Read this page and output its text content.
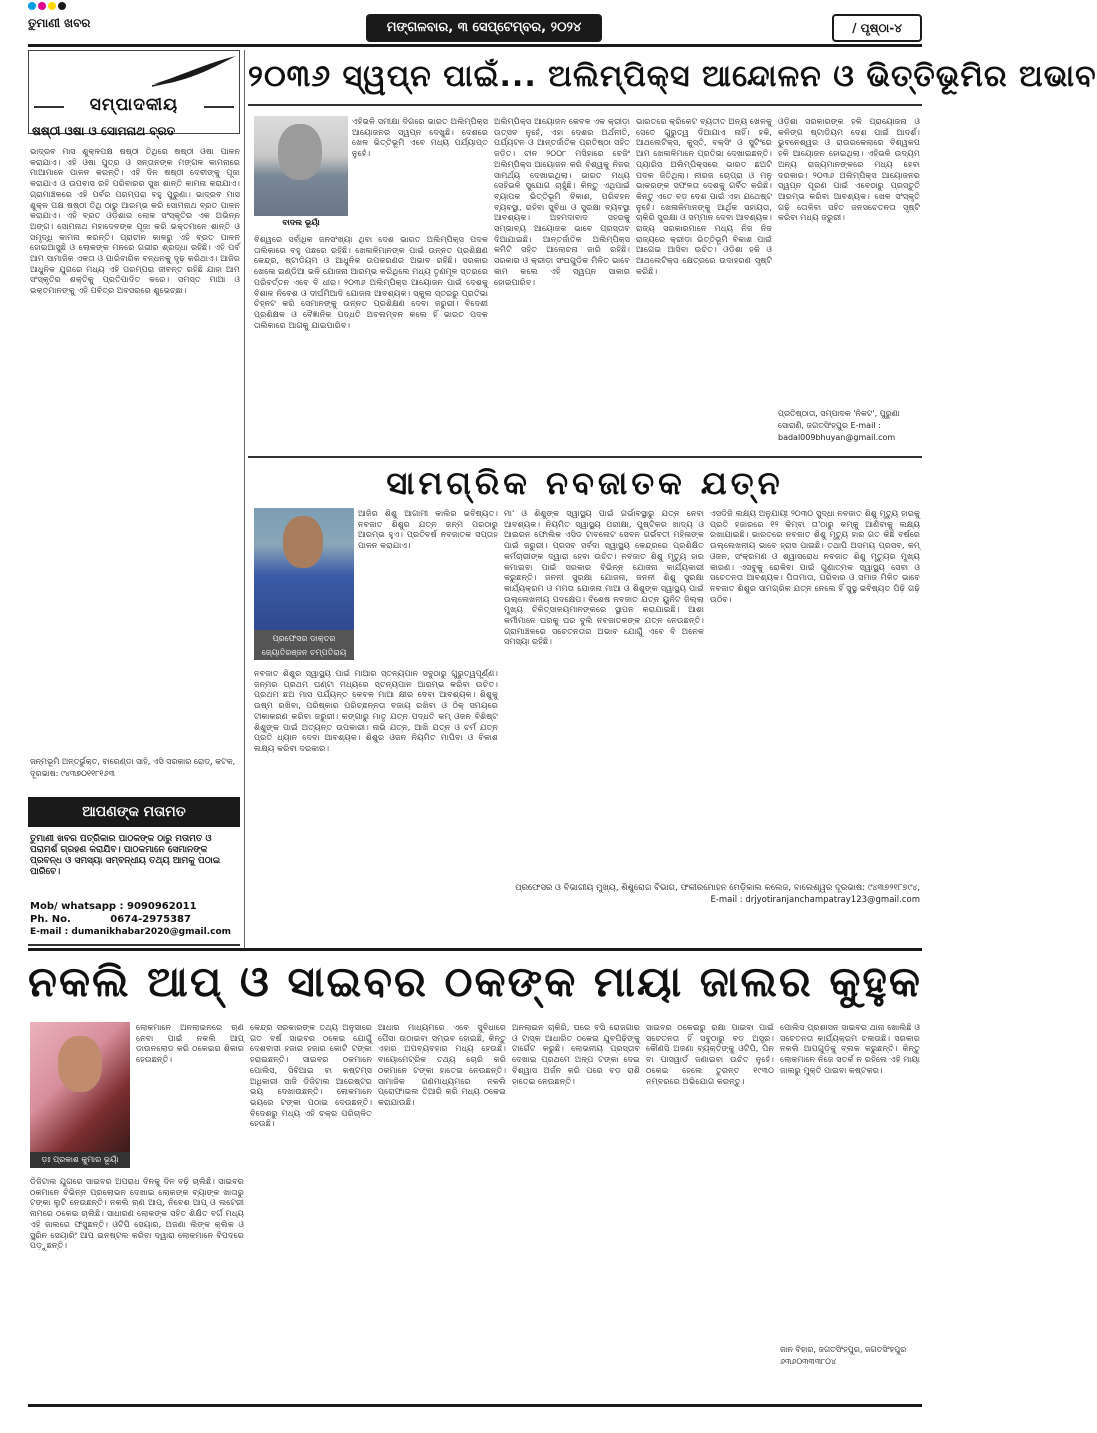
ତୁମାଣୀ ଖବର	ମଙ୍ଗଳବାର, ୩ ସେପ୍ଟେମ୍ବର, ୨୦୨୪	/ ପୃଷ୍ଠା-୪
ସମ୍ପାଦକୀୟ
ଷଷ୍ଠୀ ଓଷା ଓ ସୋମନାଥ ବ୍ରତ
ଭାଦ୍ରବ ମାସ ଶୁକ୍ଳପକ୍ଷ ଷଷ୍ଠୀ ତିଥିରେ ଷଷ୍ଠୀ ଓଷା ପାଳନ କରାଯାଏ। ଏହି ଓଷା ପୁତ୍ର ଓ ସନ୍ତାନଙ୍କ ମଙ୍ଗଳ କାମନାରେ ମାଆମାନେ ପାଳନ କରନ୍ତି। ଏହି ଦିନ ଷଷ୍ଠୀ ଦେବୀଙ୍କୁ ପୂଜା କରାଯାଏ ଓ ଉପବାସ ରହି ପରିବାରର ସୁଖ ଶାନ୍ତି କାମନା କରାଯାଏ। ଗ୍ରାମାଞ୍ଚଳରେ ଏହି ପର୍ବର ପରମ୍ପରା ବହୁ ପୁରୁଣା। ଭାଦ୍ରବ ମାସ ଶୁକ୍ଳ ପକ୍ଷ ଷଷ୍ଠୀ ତିଥି ଠାରୁ ଆରମ୍ଭ କରି ସୋମନାଥ ବ୍ରତ ପାଳନ କରାଯାଏ। ଏହି ବ୍ରତ ଓଡ଼ିଶାର ଲୋକ ସଂସ୍କୃତିର ଏକ ଅଭିନ୍ନ ଅଙ୍ଗ। ସୋମନାଥ ମହାଦେବଙ୍କ ପୂଜା କରି ଭକ୍ତମାନେ ଶାନ୍ତି ଓ ସମୃଦ୍ଧି କାମନା କରନ୍ତି। ପ୍ରାଚୀନ କାଳରୁ ଏହି ବ୍ରତ ପାଳନ ହୋଇଆସୁଛି ଓ ଲୋକଙ୍କ ମନରେ ଗଭୀର ଶ୍ରଦ୍ଧା ରହିଛି। ଏହି ପର୍ବ ଆମ ସାମାଜିକ ଏକତା ଓ ପାରିବାରିକ ବନ୍ଧନକୁ ଦୃଢ଼ କରିଥାଏ। ଆଜିର ଆଧୁନିକ ଯୁଗରେ ମଧ୍ୟ ଏହି ପରମ୍ପରା ଜୀବନ୍ତ ରହିଛି ଯାହା ଆମ ସଂସ୍କୃତିର ଶକ୍ତିକୁ ପ୍ରତିପାଦିତ କରେ। ସମସ୍ତ ମାଆ ଓ ଭକ୍ତମାନଙ୍କୁ ଏହି ପବିତ୍ର ଅବସରରେ ଶୁଭେଚ୍ଛା।
ଜନ୍ମଭୂମି ଅନ୍ତର୍ଭୁକ୍ତ, ବାରେଣ୍ଡା ସାହି, ଏସି ସରକାର ରୋଡ୍, କଟକ, ଦୂରଭାଷ: ୯୪୩୭୦୧୧୮୧୬୩
ଆପଣଙ୍କ ମତାମତ
ତୁମାଣୀ ଖବର ପତ୍ରିକାର ପାଠକଙ୍କ ଠାରୁ ମତାମତ ଓ ପରାମର୍ଶ ଗ୍ରହଣ କରାଯିବ। ପାଠକମାନେ ସେମାନଙ୍କ ପ୍ରବନ୍ଧ ଓ ସମସ୍ୟା ସମ୍ବନ୍ଧୀୟ ତଥ୍ୟ ଆମକୁ ପଠାଇ ପାରିବେ।
Mob/ whatsapp : 9090962011
Ph. No.	0674-2975387
E-mail : dumanikhabar2020@gmail.com
୨୦୩୬ ସ୍ୱପ୍ନ ପାଇଁ... ଅଲିମ୍ପିକ୍ସ ଆନ୍ଦୋଳନ ଓ ଭିତ୍ତିଭୂମିର ଅଭାବ
ବାଦଲ ଭୂୟାଁ
ଏହିଭଳି ସମୀକ୍ଷା ଦିଗରେ ଭାରତ ଅଲିମ୍ପିକ୍ସ ଆୟୋଜନର ସ୍ୱପ୍ନ ଦେଖୁଛି। ଦେଶରେ ଖେଳ ଭିତ୍ତିଭୂମି ଏବେ ମଧ୍ୟ ପର୍ଯ୍ୟାପ୍ତ ନୁହେଁ।
ବିଶ୍ୱରେ ସର୍ବାଧିକ ଜନସଂଖ୍ୟା ଥିବା ଦେଶ ଭାରତ ଅଲିମ୍ପିକ୍ସ ପଦକ ତାଲିକାରେ ବହୁ ପଛରେ ରହିଛି। ଖେଳାଳିମାନଙ୍କ ପାଇଁ ଉନ୍ନତ ପ୍ରଶିକ୍ଷଣ କେନ୍ଦ୍ର, ଷ୍ଟାଡିୟମ ଓ ଆଧୁନିକ ଉପକରଣର ଅଭାବ ରହିଛି। ସରକାର ଖେଳୋ ଇଣ୍ଡିଆ ଭଳି ଯୋଜନା ଆରମ୍ଭ କରିଥିଲେ ମଧ୍ୟ ତୃଣମୂଳ ସ୍ତରରେ ପରିବର୍ତ୍ତନ ଏବେ ବି ଧୀର। ୨୦୩୬ ଅଲିମ୍ପିକ୍ସ ଆୟୋଜନ ପାଇଁ ଦେଶକୁ ବିଶାଳ ନିବେଶ ଓ ଦୀର୍ଘମିଆଦି ଯୋଜନା ଆବଶ୍ୟକ। ସ୍କୁଲ ସ୍ତରରୁ ପ୍ରତିଭା ଚିହ୍ନଟ କରି ସେମାନଙ୍କୁ ଉନ୍ନତ ପ୍ରଶିକ୍ଷଣ ଦେବା ଜରୁରୀ। ବିଦେଶୀ ପ୍ରଶିକ୍ଷକ ଓ ବୈଜ୍ଞାନିକ ପଦ୍ଧତି ଅବଲମ୍ବନ କଲେ ହିଁ ଭାରତ ପଦକ ତାଲିକାରେ ଆଗକୁ ଯାଇପାରିବ।
ଅଲିମ୍ପିକ୍ସ ଆୟୋଜନ କେବଳ ଏକ କ୍ରୀଡ଼ା ଉତ୍ସବ ନୁହେଁ, ଏହା ଦେଶର ଅର୍ଥନୀତି, ପର୍ଯ୍ୟଟନ ଓ ଆନ୍ତର୍ଜାତିକ ପ୍ରତିଷ୍ଠା ସହିତ ଜଡ଼ିତ। ଚୀନ ୨୦୦୮ ମସିହାରେ ବେଜିଂ ଅଲିମ୍ପିକ୍ସ ଆୟୋଜନ କରି ବିଶ୍ୱକୁ ନିଜର ସାମର୍ଥ୍ୟ ଦେଖାଇଥିଲା। ଭାରତ ମଧ୍ୟ ସେହିଭଳି ସୁଯୋଗ ଚାହୁଁଛି। କିନ୍ତୁ ଏଥିପାଇଁ ବ୍ୟାପକ ଭିତ୍ତିଭୂମି ବିକାଶ, ପରିବହନ ବ୍ୟବସ୍ଥା, ରହିବା ସୁବିଧା ଓ ସୁରକ୍ଷା ବ୍ୟବସ୍ଥା ଆବଶ୍ୟକ। ଅହମଦାବାଦ ସହରକୁ ସମ୍ଭାବ୍ୟ ଆୟୋଜକ ଭାବେ ପ୍ରସ୍ତାବ ଦିଆଯାଇଛି। ଆନ୍ତର୍ଜାତିକ ଅଲିମ୍ପିକ୍ସ କମିଟି ସହିତ ଆଲୋଚନା ଜାରି ରହିଛି। ସରକାର ଓ କ୍ରୀଡ଼ା ସଂଘଗୁଡ଼ିକ ମିଳିତ ଭାବେ କାମ କଲେ ଏହି ସ୍ୱପ୍ନ ସାକାର ହୋଇପାରିବ।
ଭାରତରେ କ୍ରିକେଟ ବ୍ୟତୀତ ଅନ୍ୟ ଖେଳକୁ ସେତେ ଗୁରୁତ୍ୱ ଦିଆଯାଏ ନାହିଁ। ହକି, ଆଥଲେଟିକ୍ସ, କୁସ୍ତି, ବକ୍ସିଂ ଓ ସୁଟିଂରେ ଆମ ଖେଳାଳିମାନେ ପ୍ରତିଭା ଦେଖାଇଛନ୍ତି। ପ୍ୟାରିସ ଅଲିମ୍ପିକ୍ସରେ ଭାରତ ଛଅଟି ପଦକ ଜିତିଥିଲା। ନୀରଜ ଚୋପ୍ରା ଓ ମନୁ ଭାକରଙ୍କ ସଫଳତା ଦେଶକୁ ଗର୍ବିତ କରିଛି। କିନ୍ତୁ ଏତେ ବଡ଼ ଦେଶ ପାଇଁ ଏହା ଯଥେଷ୍ଟ ନୁହେଁ। ଖେଳାଳିମାନଙ୍କୁ ଆର୍ଥିକ ସହାୟତା, ଚାକିରି ସୁରକ୍ଷା ଓ ସମ୍ମାନ ଦେବା ଆବଶ୍ୟକ। ରାଜ୍ୟ ସରକାରମାନେ ମଧ୍ୟ ନିଜ ନିଜ ରାଜ୍ୟରେ କ୍ରୀଡ଼ା ଭିତ୍ତିଭୂମି ବିକାଶ ପାଇଁ ଆଗେଇ ଆସିବା ଉଚିତ। ଓଡ଼ିଶା ହକି ଓ ଆଥଲେଟିକ୍ସ କ୍ଷେତ୍ରରେ ଉଦାହରଣ ସୃଷ୍ଟି କରିଛି।
ଓଡ଼ିଶା ସରକାରଙ୍କ ହକି ପ୍ରାୟୋଜନା ଓ କଳିଙ୍ଗ ଷ୍ଟାଡିୟମ ଦେଶ ପାଇଁ ଆଦର୍ଶ। ଭୁବନେଶ୍ୱର ଓ ରାଉରକେଲାରେ ବିଶ୍ୱକପ ହକି ଆୟୋଜନ ହୋଇଥିଲା। ଏହିଭଳି ଉଦ୍ୟମ ଅନ୍ୟ ରାଜ୍ୟମାନଙ୍କରେ ମଧ୍ୟ ହେବା ଦରକାର। ୨୦୩୬ ଅଲିମ୍ପିକ୍ସ ଆୟୋଜନର ସ୍ୱପ୍ନ ପୂରଣ ପାଇଁ ଏବେଠାରୁ ପ୍ରସ୍ତୁତି ଆରମ୍ଭ କରିବା ଆବଶ୍ୟକ। ଖେଳ ସଂସ୍କୃତି ଗଢ଼ି ତୋଳିବା ସହିତ ଜନସଚେତନତା ସୃଷ୍ଟି କରିବା ମଧ୍ୟ ଜରୁରୀ।
ପ୍ରତିଷ୍ଠାତା, ସମ୍ପାଦକ 'ନିକଟ', ପୁରୁଣା ସୋରାଣି, ଜଗତସିଂହପୁର E-mail : badal009bhuyan@gmail.com
ସାମଗ୍ରିକ ନବଜାତକ ଯତ୍ନ
ପ୍ରଫେସର ଡାକ୍ତର
ଜ୍ୟୋତିରଞ୍ଜନ ଚମ୍ପତିରାୟ
ଆଜିର ଶିଶୁ ଆଗାମୀ କାଲିର ଭବିଷ୍ୟତ। ନବଜାତ ଶିଶୁର ଯତ୍ନ ଜନ୍ମ ପରଠାରୁ ଆରମ୍ଭ ହୁଏ। ପ୍ରତିବର୍ଷ ନବଜାତକ ସପ୍ତାହ ପାଳନ କରାଯାଏ।
ନବଜାତ ଶିଶୁର ସ୍ୱାସ୍ଥ୍ୟ ପାଇଁ ମାଆର ସ୍ତନ୍ୟପାନ ସବୁଠାରୁ ଗୁରୁତ୍ୱପୂର୍ଣ୍ଣ। ଜନ୍ମର ପ୍ରଥମ ଘଣ୍ଟା ମଧ୍ୟରେ ସ୍ତନ୍ୟପାନ ଆରମ୍ଭ କରିବା ଉଚିତ। ପ୍ରଥମ ଛଅ ମାସ ପର୍ଯ୍ୟନ୍ତ କେବଳ ମାଆ କ୍ଷୀର ଦେବା ଆବଶ୍ୟକ। ଶିଶୁକୁ ଉଷ୍ମ ରଖିବା, ପରିଷ୍କାର ପରିଚ୍ଛନ୍ନତା ବଜାୟ ରଖିବା ଓ ଠିକ୍ ସମୟରେ ଟୀକାକରଣ କରିବା ଜରୁରୀ। କଙ୍ଗାରୁ ମାତୃ ଯତ୍ନ ପଦ୍ଧତି କମ୍ ଓଜନ ବିଶିଷ୍ଟ ଶିଶୁଙ୍କ ପାଇଁ ଅତ୍ୟନ୍ତ ଉପକାରୀ। ନାଭି ଯତ୍ନ, ଆଖି ଯତ୍ନ ଓ ଚର୍ମ ଯତ୍ନ ପ୍ରତି ଧ୍ୟାନ ଦେବା ଆବଶ୍ୟକ। ଶିଶୁର ଓଜନ ନିୟମିତ ମାପିବା ଓ ବିକାଶ ଲକ୍ଷ୍ୟ କରିବା ଦରକାର।
ମା' ଓ ଶିଶୁଙ୍କ ସ୍ୱାସ୍ଥ୍ୟ ପାଇଁ ଗର୍ଭାବସ୍ଥାରୁ ଯତ୍ନ ନେବା ଆବଶ୍ୟକ। ନିୟମିତ ସ୍ୱାସ୍ଥ୍ୟ ପରୀକ୍ଷା, ପୁଷ୍ଟିକର ଖାଦ୍ୟ ଓ ଆଇରନ ଫୋଲିକ ଏସିଡ ଟାବଲେଟ ସେବନ ଗର୍ଭବତୀ ମହିଳାଙ୍କ ପାଇଁ ଜରୁରୀ। ପ୍ରସବ ସର୍ବଦା ସ୍ୱାସ୍ଥ୍ୟ କେନ୍ଦ୍ରରେ ପ୍ରଶିକ୍ଷିତ କର୍ମଚାରୀଙ୍କ ଦ୍ୱାରା ହେବା ଉଚିତ। ନବଜାତ ଶିଶୁ ମୃତ୍ୟୁ ହାର କମାଇବା ପାଇଁ ସରକାର ବିଭିନ୍ନ ଯୋଜନା କାର୍ଯ୍ୟକାରୀ କରୁଛନ୍ତି। ଜନନୀ ସୁରକ୍ଷା ଯୋଜନା, ଜନନୀ ଶିଶୁ ସୁରକ୍ଷା କାର୍ଯ୍ୟକ୍ରମ ଓ ମମତା ଯୋଜନା ମାଆ ଓ ଶିଶୁଙ୍କ ସ୍ୱାସ୍ଥ୍ୟ ପାଇଁ ଉଲ୍ଲେଖନୀୟ ପଦକ୍ଷେପ। ବିଶେଷ ନବଜାତ ଯତ୍ନ ୟୁନିଟ ଜିଲ୍ଲା ମୁଖ୍ୟ ଚିକିତ୍ସାଳୟମାନଙ୍କରେ ସ୍ଥାପନ କରାଯାଇଛି। ଆଶା କର୍ମୀମାନେ ଘରକୁ ଘର ବୁଲି ନବଜାତକଙ୍କ ଯତ୍ନ ନେଉଛନ୍ତି। ଗ୍ରାମାଞ୍ଚଳରେ ସଚେତନତାର ଅଭାବ ଯୋଗୁଁ ଏବେ ବି ଅନେକ ସମସ୍ୟା ରହିଛି।
ଏସଡିଜି ଲକ୍ଷ୍ୟ ଅନୁଯାୟୀ ୨୦୩୦ ସୁଦ୍ଧା ନବଜାତ ଶିଶୁ ମୃତ୍ୟୁ ହାରକୁ ପ୍ରତି ହଜାରରେ ୧୨ କିମ୍ବା ତା'ଠାରୁ କମ୍‌କୁ ଆଣିବାକୁ ଲକ୍ଷ୍ୟ ରଖାଯାଇଛି। ଭାରତରେ ନବଜାତ ଶିଶୁ ମୃତ୍ୟୁ ହାର ଗତ କିଛି ବର୍ଷରେ ଉଲ୍ଲେଖନୀୟ ଭାବେ ହ୍ରାସ ପାଇଛି। ତଥାପି ଅସମୟ ପ୍ରସବ, କମ୍ ଓଜନ, ସଂକ୍ରମଣ ଓ ଶ୍ୱାସରୋଧ ନବଜାତ ଶିଶୁ ମୃତ୍ୟୁର ମୁଖ୍ୟ କାରଣ। ଏସବୁକୁ ରୋକିବା ପାଇଁ ଗୁଣାତ୍ମକ ସ୍ୱାସ୍ଥ୍ୟ ସେବା ଓ ସଚେତନତା ଆବଶ୍ୟକ। ପିତାମାତା, ପରିବାର ଓ ସମାଜ ମିଳିତ ଭାବେ ନବଜାତ ଶିଶୁର ସାମଗ୍ରିକ ଯତ୍ନ ନେଲେ ହିଁ ସୁସ୍ଥ ଭବିଷ୍ୟତ ପିଢ଼ି ଗଢ଼ି ଉଠିବ।
ପ୍ରଫେସର ଓ ବିଭାଗୀୟ ମୁଖ୍ୟ, ଶିଶୁରୋଗ ବିଭାଗ, ଫକୀରମୋହନ ମେଡ଼ିକାଲ କଲେଜ, ବାଲେଶ୍ୱର ଦୂରଭାଷ: ୯୪୩୭୨୧୮୭୯୪, E-mail : drjyotiranjanchampatray123@gmail.com
ନକଲି ଆପ୍ ଓ ସାଇବର ଠକଙ୍କ ମାୟା ଜାଲର କୁହୁକ
ଡ଼ଃ ପ୍ରକାଶ କୁମାର ଭୂୟାଁ
ଲୋକମାନେ ଅନଲାଇନରେ ଋଣ ନେବା ପାଇଁ ନକଲି ଆପ୍ ଡାଉନଲୋଡ କରି ଠକେଇର ଶିକାର ହେଉଛନ୍ତି।
ଡିଜିଟାଲ ଯୁଗରେ ସାଇବର ଅପରାଧ ଦିନକୁ ଦିନ ବଢ଼ି ଚାଲିଛି। ସାଇବର ଠକମାନେ ବିଭିନ୍ନ ପ୍ରଲୋଭନ ଦେଖାଇ ଲୋକଙ୍କ ବ୍ୟାଙ୍କ ଖାତାରୁ ଟଙ୍କା ଲୁଟି ନେଉଛନ୍ତି। ନକଲି ଋଣ ଆପ୍, ନିବେଶ ଆପ୍ ଓ ଲଟେରୀ ନାମରେ ଠକେଇ ଚାଲିଛି। ସାଧାରଣ ଲୋକଙ୍କ ସହିତ ଶିକ୍ଷିତ ବର୍ଗ ମଧ୍ୟ ଏହି ଜାଲରେ ଫସୁଛନ୍ତି। ଓଟିପି ସେୟାର, ଅଜଣା ଲିଙ୍କ କ୍ଲିକ ଓ ସ୍କ୍ରିନ ସେୟାରିଂ ଆପ ଇନଷ୍ଟଲ କରିବା ଦ୍ୱାରା ଲୋକମାନେ ବିପଦରେ ପଡ଼ୁଛନ୍ତି।
କେନ୍ଦ୍ର ସରକାରଙ୍କ ତଥ୍ୟ ଅନୁସାରେ ଗତ ବର୍ଷ ସାଇବର ଠକେଇ ଯୋଗୁଁ ଦେଶବାସୀ ହଜାର ହଜାର କୋଟି ଟଙ୍କା ହରାଇଛନ୍ତି। ସାଇବର ଠକମାନେ ପୋଲିସ, ସିବିଆଇ ବା କଷ୍ଟମ୍ସ ଅଧିକାରୀ ସାଜି ଡିଜିଟାଲ ଆରେଷ୍ଟର ଭୟ ଦେଖାଉଛନ୍ତି। ଲୋକମାନେ ଭୟରେ ଟଙ୍କା ପଠାଇ ଦେଉଛନ୍ତି। ବିଦେଶରୁ ମଧ୍ୟ ଏହି ଚକ୍ର ପରିଚାଳିତ ହେଉଛି।
ଆଧାର ମାଧ୍ୟମରେ ଏବେ ସୁବିଧାରେ ପୈସା ଉଠାଇବା ସମ୍ଭବ ହୋଇଛି, କିନ୍ତୁ ଏହାର ଅପବ୍ୟବହାର ମଧ୍ୟ ହେଉଛି। ବାୟୋମେଟ୍ରିକ ତଥ୍ୟ ଚୋରି କରି ଠକମାନେ ଟଙ୍କା ହାତେଇ ନେଉଛନ୍ତି। ସାମାଜିକ ଗଣମାଧ୍ୟମରେ ନକଲି ପ୍ରୋଫାଇଲ ତିଆରି କରି ମଧ୍ୟ ଠକେଇ କରାଯାଉଛି।
ଅନଲାଇନ ଚାକିରି, ଘରେ ବସି ରୋଜଗାର ଓ ଟାସ୍କ ଆଧାରିତ ଠକେଇ ଯୁବପିଢ଼ିଙ୍କୁ ଟାର୍ଗେଟ କରୁଛି। ଲୋଭନୀୟ ପ୍ରସ୍ତାବ ଦେଖାଇ ପ୍ରଥମେ ଅଳ୍ପ ଟଙ୍କା ଦେଇ ବିଶ୍ୱାସ ଅର୍ଜନ କରି ପରେ ବଡ଼ ରାଶି ହାତେଇ ନେଉଛନ୍ତି।
ସାଇବର ଠକେଇରୁ ରକ୍ଷା ପାଇବା ପାଇଁ ସଚେତନତା ହିଁ ସବୁଠାରୁ ବଡ଼ ଅସ୍ତ୍ର। କୌଣସି ଅଜଣା ବ୍ୟକ୍ତିଙ୍କୁ ଓଟିପି, ପିନ ବା ପାସୱାର୍ଡ ଜଣାଇବା ଉଚିତ ନୁହେଁ। ଠକେଇ ହେଲେ ତୁରନ୍ତ ୧୯୩୦ ନମ୍ବରରେ ଅଭିଯୋଗ କରନ୍ତୁ।
ପୋଲିସ ପ୍ରଶାସନ ସାଇବର ଥାନା ଖୋଲିଛି ଓ ସଚେତନତା କାର୍ଯ୍ୟକ୍ରମ ଚଳାଉଛି। ସରକାର ନକଲି ଆପଗୁଡ଼ିକୁ ବ୍ଲକ କରୁଛନ୍ତି। କିନ୍ତୁ ଲୋକମାନେ ନିଜେ ସତର୍କ ନ ରହିଲେ ଏହି ମାୟା ଜାଲରୁ ମୁକ୍ତି ପାଇବା କଷ୍ଟକର।
ଜାନ ବିହାର, ଜଗତସିଂହପୁର, ଜଗତସିଂହପୁର ୬୩୬୦୩୩୩୮୦୪
